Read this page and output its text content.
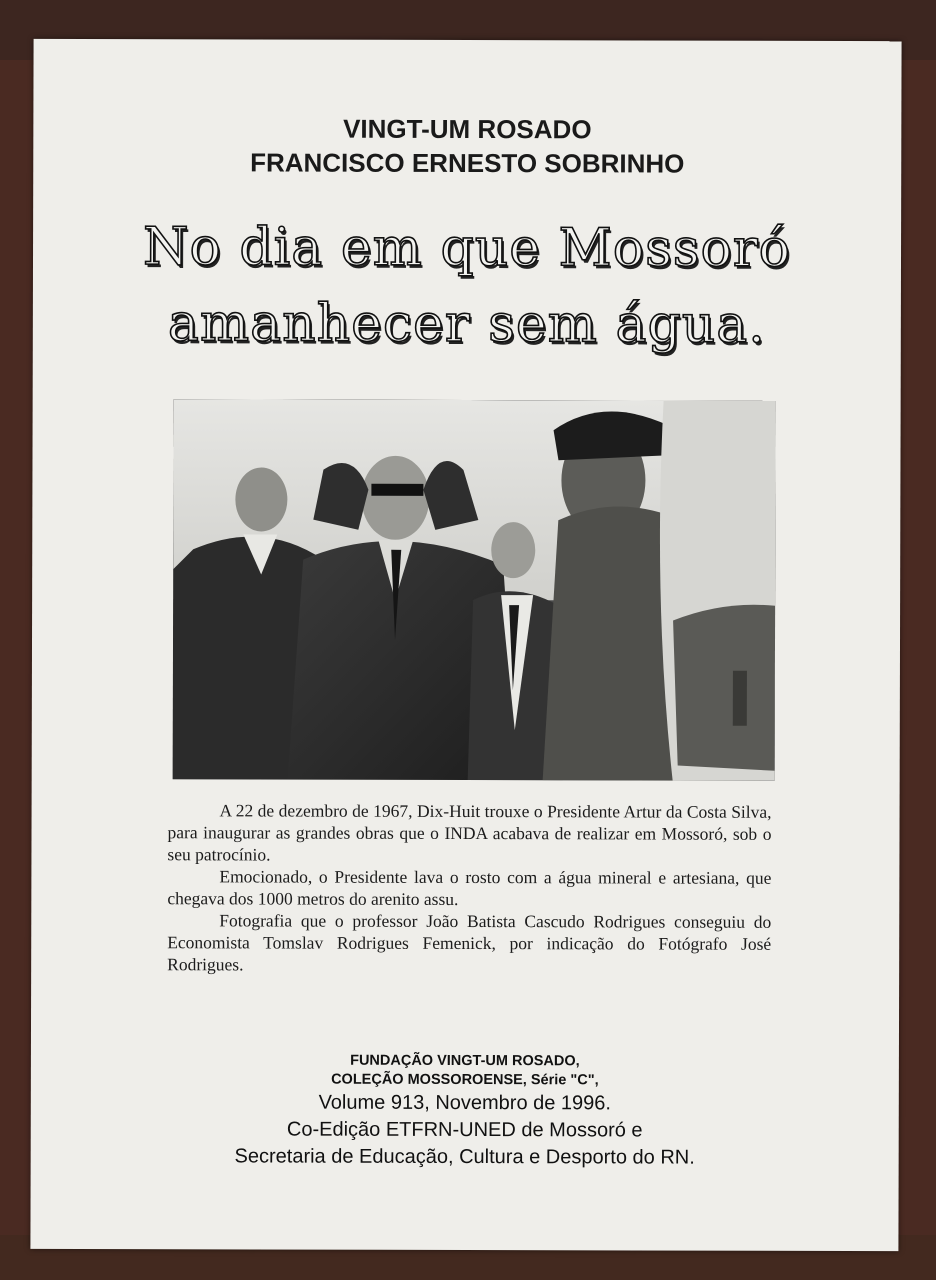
VINGT-UM ROSADO
FRANCISCO ERNESTO SOBRINHO
No dia em que Mossoró
amanhecer sem água.

A 22 de dezembro de 1967, Dix-Huit trouxe o Presidente Artur da Costa Silva, para inaugurar as grandes obras que o INDA acabava de realizar em Mossoró, sob o seu patrocínio.

Emocionado, o Presidente lava o rosto com a água mineral e artesiana, que chegava dos 1000 metros do arenito assu.

Fotografia que o professor João Batista Cascudo Rodrigues conseguiu do Economista Tomslav Rodrigues Femenick, por indicação do Fotógrafo José Rodrigues.

FUNDAÇÃO VINGT-UM ROSADO,
COLEÇÃO MOSSOROENSE, Série "C",
Volume 913, Novembro de 1996.
Co-Edição ETFRN-UNED de Mossoró e
Secretaria de Educação, Cultura e Desporto do RN.
